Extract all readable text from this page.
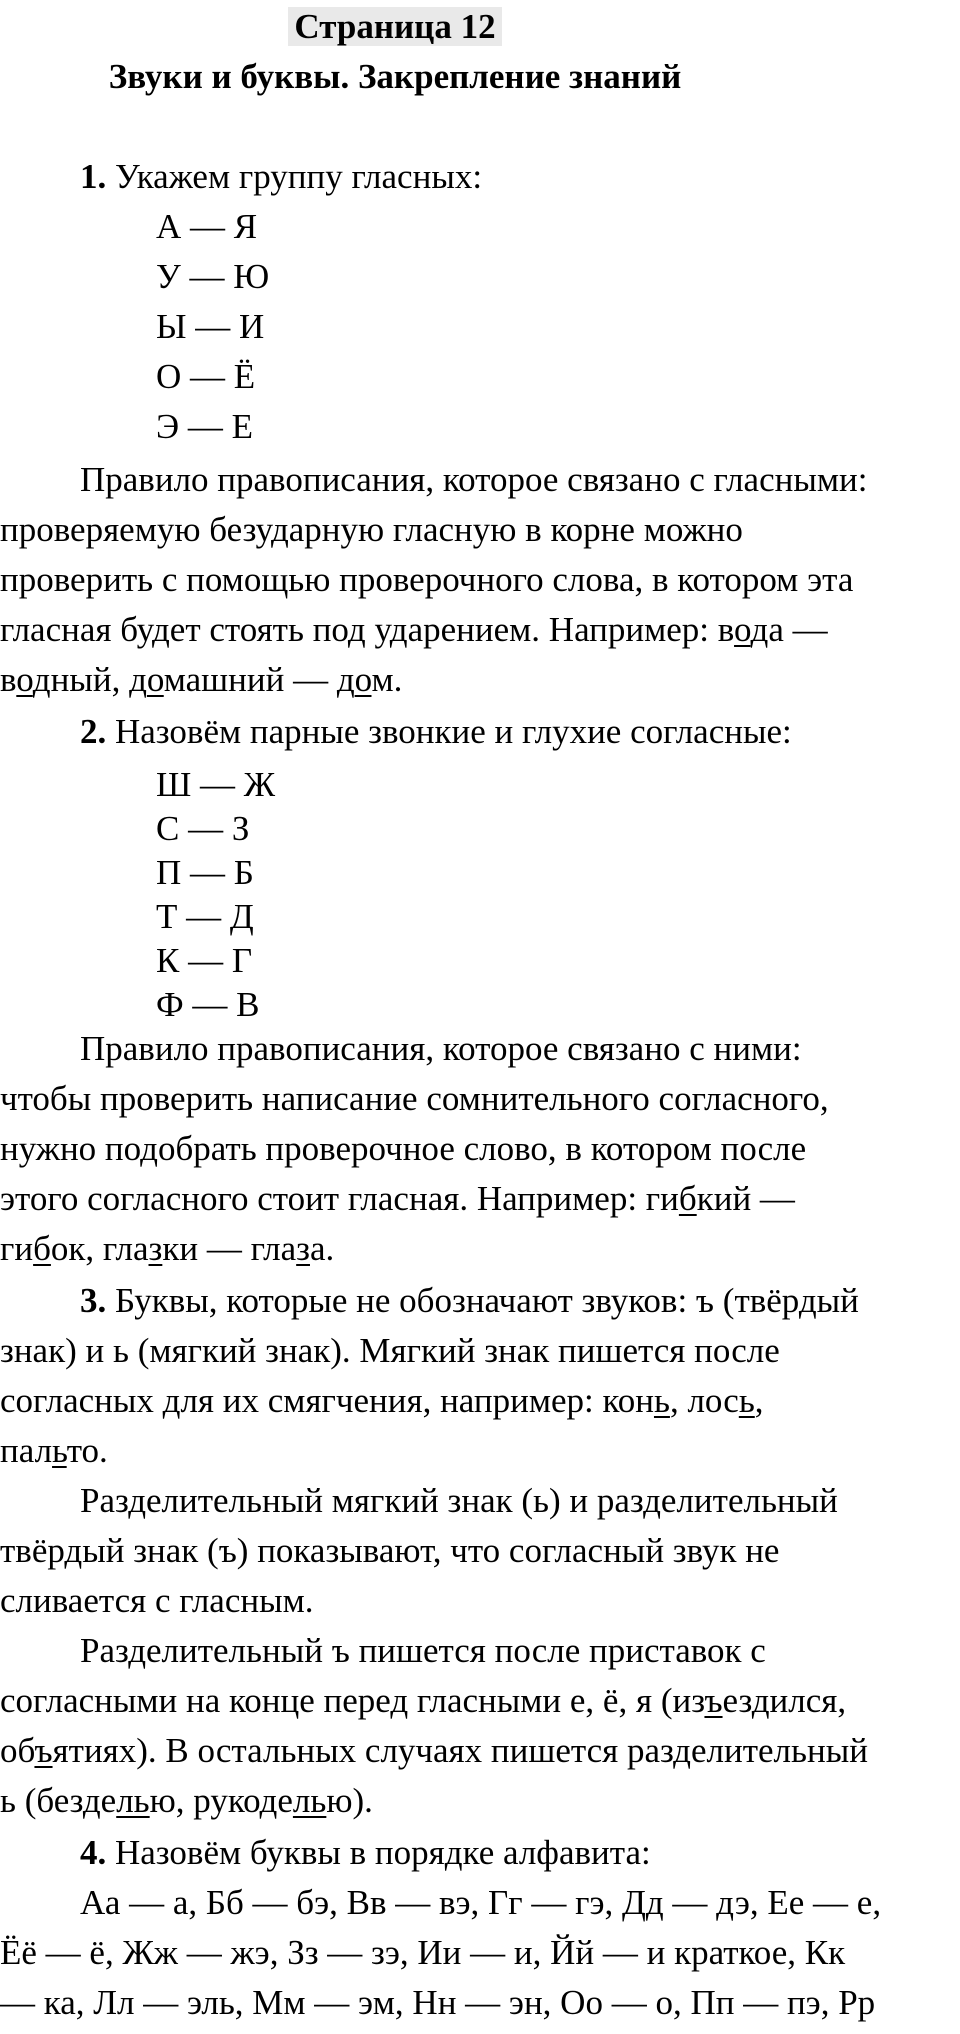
Страница 12
Звуки и буквы. Закрепление знаний
1. Укажем группу гласных:
А — Я
У — Ю
Ы — И
О — Ё
Э — Е
Правило правописания, которое связано с гласными:
проверяемую безударную гласную в корне можно
проверить с помощью проверочного слова, в котором эта
гласная будет стоять под ударением. Например: вода —
водный, домашний — дом.
2. Назовём парные звонкие и глухие согласные:
Ш — Ж
С — З
П — Б
Т — Д
К — Г
Ф — В
Правило правописания, которое связано с ними:
чтобы проверить написание сомнительного согласного,
нужно подобрать проверочное слово, в котором после
этого согласного стоит гласная. Например: гибкий —
гибок, глазки — глаза.
3. Буквы, которые не обозначают звуков: ъ (твёрдый
знак) и ь (мягкий знак). Мягкий знак пишется после
согласных для их смягчения, например: конь, лось,
пальто.
Разделительный мягкий знак (ь) и разделительный
твёрдый знак (ъ) показывают, что согласный звук не
сливается с гласным.
Разделительный ъ пишется после приставок с
согласными на конце перед гласными е, ё, я (изъездился,
объятиях). В остальных случаях пишется разделительный
ь (безделью, рукоделью).
4. Назовём буквы в порядке алфавита:
Аа — а, Бб — бэ, Вв — вэ, Гг — гэ, Дд — дэ, Ее — е,
Ёё — ё, Жж — жэ, Зз — зэ, Ии — и, Йй — и краткое, Кк
— ка, Лл — эль, Мм — эм, Нн — эн, Оо — о, Пп — пэ, Рр
